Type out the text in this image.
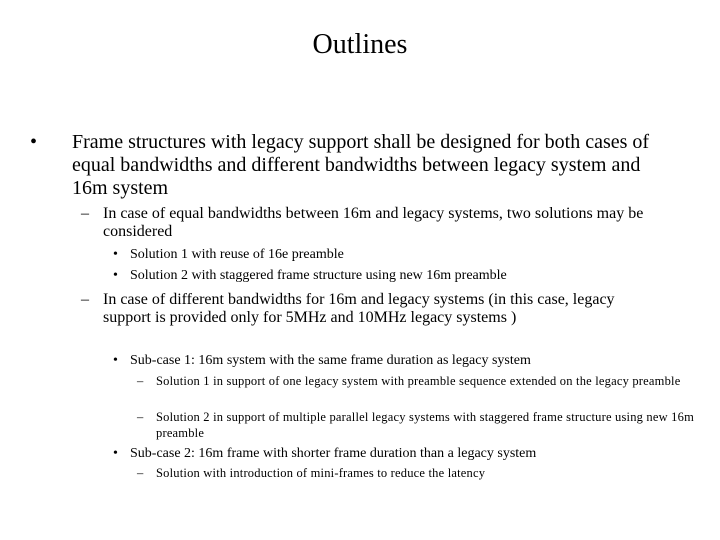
Outlines
• Frame structures with legacy support shall be designed for both cases of equal bandwidths and different bandwidths between legacy system and 16m system
– In case of equal bandwidths between 16m and legacy systems, two solutions may be considered
• Solution 1 with reuse of 16e preamble
• Solution 2 with staggered frame structure using new 16m preamble
– In case of different bandwidths for 16m and legacy systems (in this case, legacy support is provided only for 5MHz and 10MHz legacy systems )
• Sub-case 1: 16m system with the same frame duration as legacy system
– Solution 1 in support of one legacy system with preamble sequence extended on the legacy preamble
– Solution 2 in support of multiple parallel legacy systems with staggered frame structure using new 16m preamble
• Sub-case 2: 16m frame with shorter frame duration than a legacy system
– Solution with introduction of mini-frames to reduce the latency
